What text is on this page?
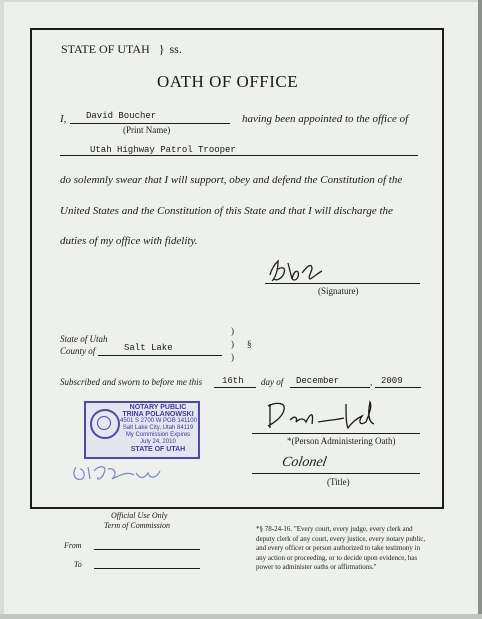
STATE OF UTAH } ss.
OATH OF OFFICE
I, David Boucher
(Print Name)
having been appointed to the office of
Utah Highway Patrol Trooper
do solemnly swear that I will support, obey and defend the Constitution of the
United States and the Constitution of this State and that I will discharge the
duties of my office with fidelity.
(Signature)
State of Utah
County of	Salt Lake
)
)
)
§
Subscribed and sworn to before me this 16th day of December	, 2009
NOTARY PUBLIC
TRINA POLANOWSKI
4501 S 2700 W POB 141100
Salt Lake City, Utah 84119
My Commission Expires
July 24, 2010
STATE OF UTAH
*(Person Administering Oath)
Colonel
(Title)
Official Use Only
Term of Commission
From
To
*§ 78-24-16. "Every court, every judge, every clerk and
deputy clerk of any court, every justice, every notary public,
and every officer or person authorized to take testimony in
any action or proceeding, or to decide upon evidence, has
power to administer oaths or affirmations."
